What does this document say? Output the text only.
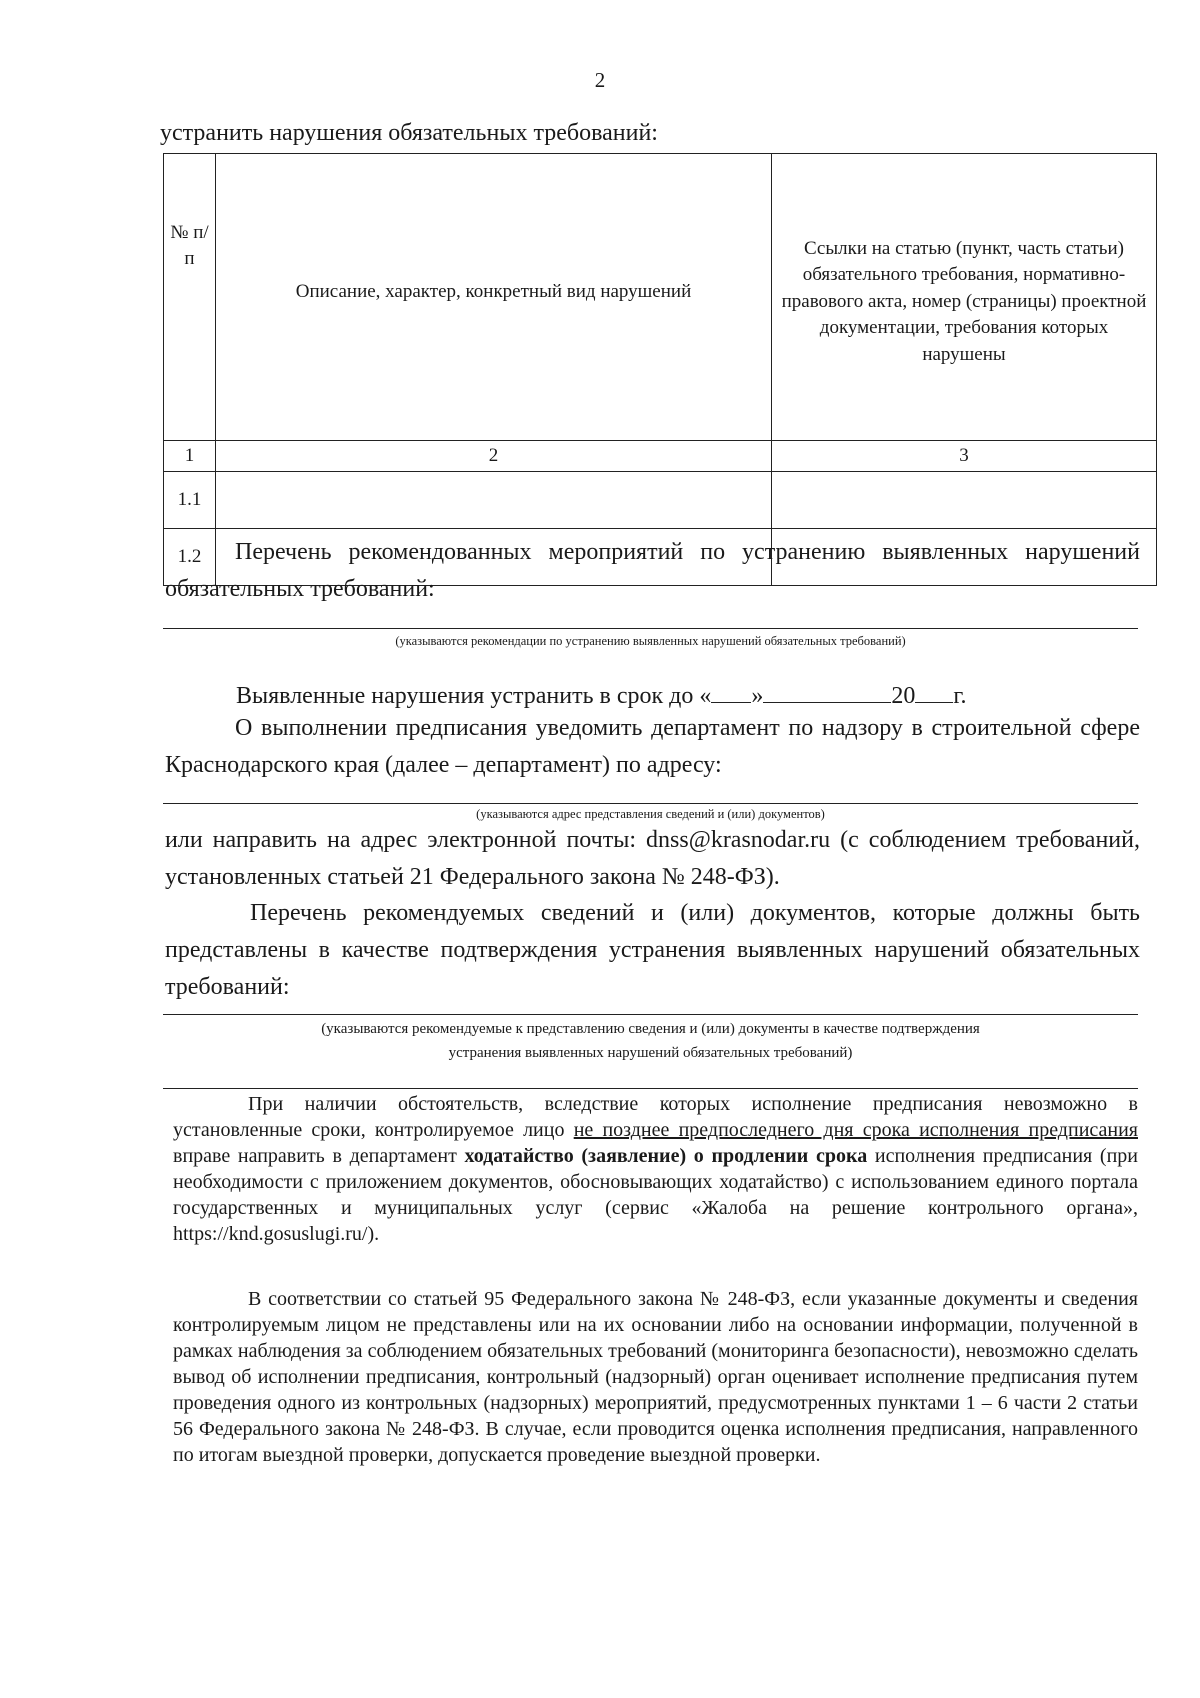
2
устранить нарушения обязательных требований:
№ п/п	Описание, характер, конкретный вид нарушений	Ссылки на статью (пункт, часть статьи) обязательного требования, нормативно-правового акта, номер (страницы) проектной документации, требования которых нарушены
1	2	3
1.1		
1.2			Перечень рекомендованных мероприятий по устранению выявленных нарушений обязательных требований:
(указываются рекомендации по устранению выявленных нарушений обязательных требований)
Выявленные нарушения устранить в срок до « »	20 г.
О выполнении предписания уведомить департамент по надзору в строительной сфере Краснодарского края (далее – департамент) по адресу:
(указываются адрес представления сведений и (или) документов)
или направить на адрес электронной почты: dnss@krasnodar.ru (с соблюдением требований, установленных статьей 21 Федерального закона № 248-ФЗ).
Перечень рекомендуемых сведений и (или) документов, которые должны быть представлены в качестве подтверждения устранения выявленных нарушений обязательных требований:
(указываются рекомендуемые к представлению сведения и (или) документы в качестве подтверждения
устранения выявленных нарушений обязательных требований)
При наличии обстоятельств, вследствие которых исполнение предписания невозможно в установленные сроки, контролируемое лицо не позднее предпоследнего дня срока исполнения предписания вправе направить в департамент ходатайство (заявление) о продлении срока исполнения предписания (при необходимости с приложением документов, обосновывающих ходатайство) с использованием единого портала государственных и муниципальных услуг (сервис «Жалоба на решение контрольного органа», https://knd.gosuslugi.ru/).
В соответствии со статьей 95 Федерального закона № 248-ФЗ, если указанные документы и сведения контролируемым лицом не представлены или на их основании либо на основании информации, полученной в рамках наблюдения за соблюдением обязательных требований (мониторинга безопасности), невозможно сделать вывод об исполнении предписания, контрольный (надзорный) орган оценивает исполнение предписания путем проведения одного из контрольных (надзорных) мероприятий, предусмотренных пунктами 1 – 6 части 2 статьи 56 Федерального закона № 248-ФЗ. В случае, если проводится оценка исполнения предписания, направленного по итогам выездной проверки, допускается проведение выездной проверки.
